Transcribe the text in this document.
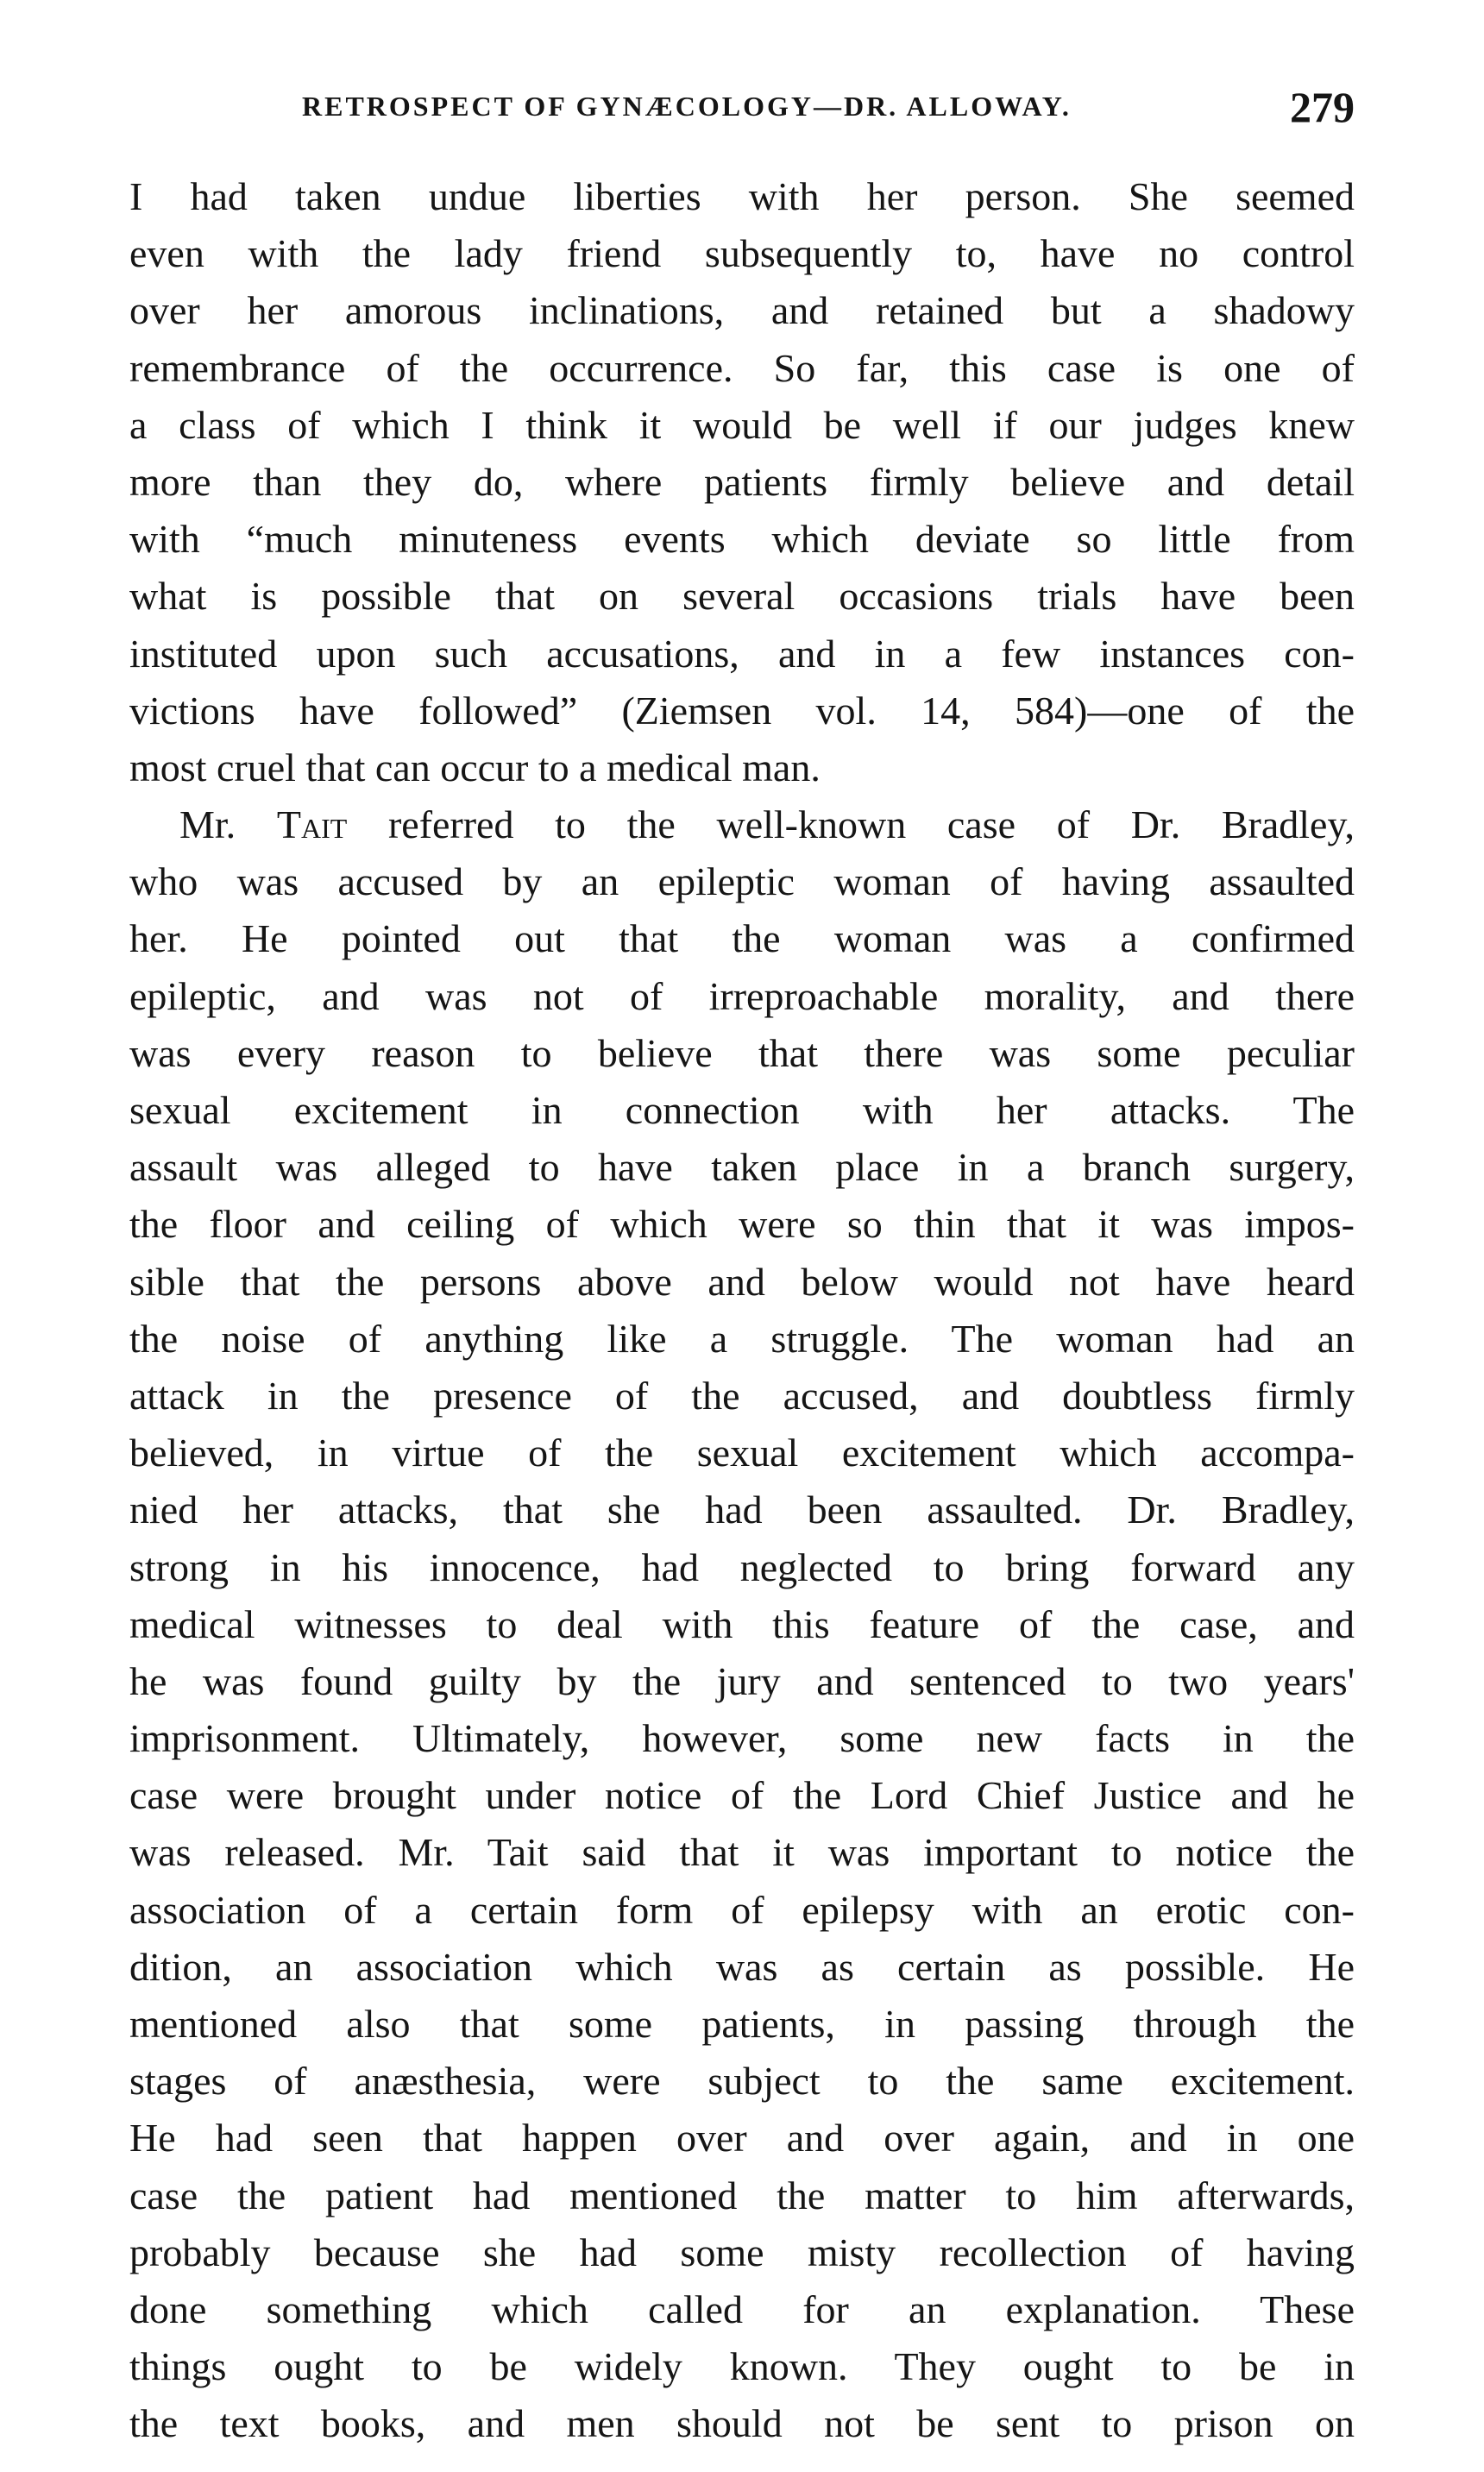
RETROSPECT OF GYNÆCOLOGY—DR. ALLOWAY.	279
I had taken undue liberties with her person. She seemed
even with the lady friend subsequently to, have no control
over her amorous inclinations, and retained but a shadowy
remembrance of the occurrence. So far, this case is one of
a class of which I think it would be well if our judges knew
more than they do, where patients firmly believe and detail
with “much minuteness events which deviate so little from
what is possible that on several occasions trials have been
instituted upon such accusations, and in a few instances con-
victions have followed” (Ziemsen vol. 14, 584)—one of the
most cruel that can occur to a medical man.
Mr. Tait referred to the well-known case of Dr. Bradley,
who was accused by an epileptic woman of having assaulted
her. He pointed out that the woman was a confirmed
epileptic, and was not of irreproachable morality, and there
was every reason to believe that there was some peculiar
sexual excitement in connection with her attacks. The
assault was alleged to have taken place in a branch surgery,
the floor and ceiling of which were so thin that it was impos-
sible that the persons above and below would not have heard
the noise of anything like a struggle. The woman had an
attack in the presence of the accused, and doubtless firmly
believed, in virtue of the sexual excitement which accompa-
nied her attacks, that she had been assaulted. Dr. Bradley,
strong in his innocence, had neglected to bring forward any
medical witnesses to deal with this feature of the case, and
he was found guilty by the jury and sentenced to two years'
imprisonment. Ultimately, however, some new facts in the
case were brought under notice of the Lord Chief Justice and he
was released. Mr. Tait said that it was important to notice the
association of a certain form of epilepsy with an erotic con-
dition, an association which was as certain as possible. He
mentioned also that some patients, in passing through the
stages of anæsthesia, were subject to the same excitement.
He had seen that happen over and over again, and in one
case the patient had mentioned the matter to him afterwards,
probably because she had some misty recollection of having
done something which called for an explanation. These
things ought to be widely known. They ought to be in
the text books, and men should not be sent to prison on
